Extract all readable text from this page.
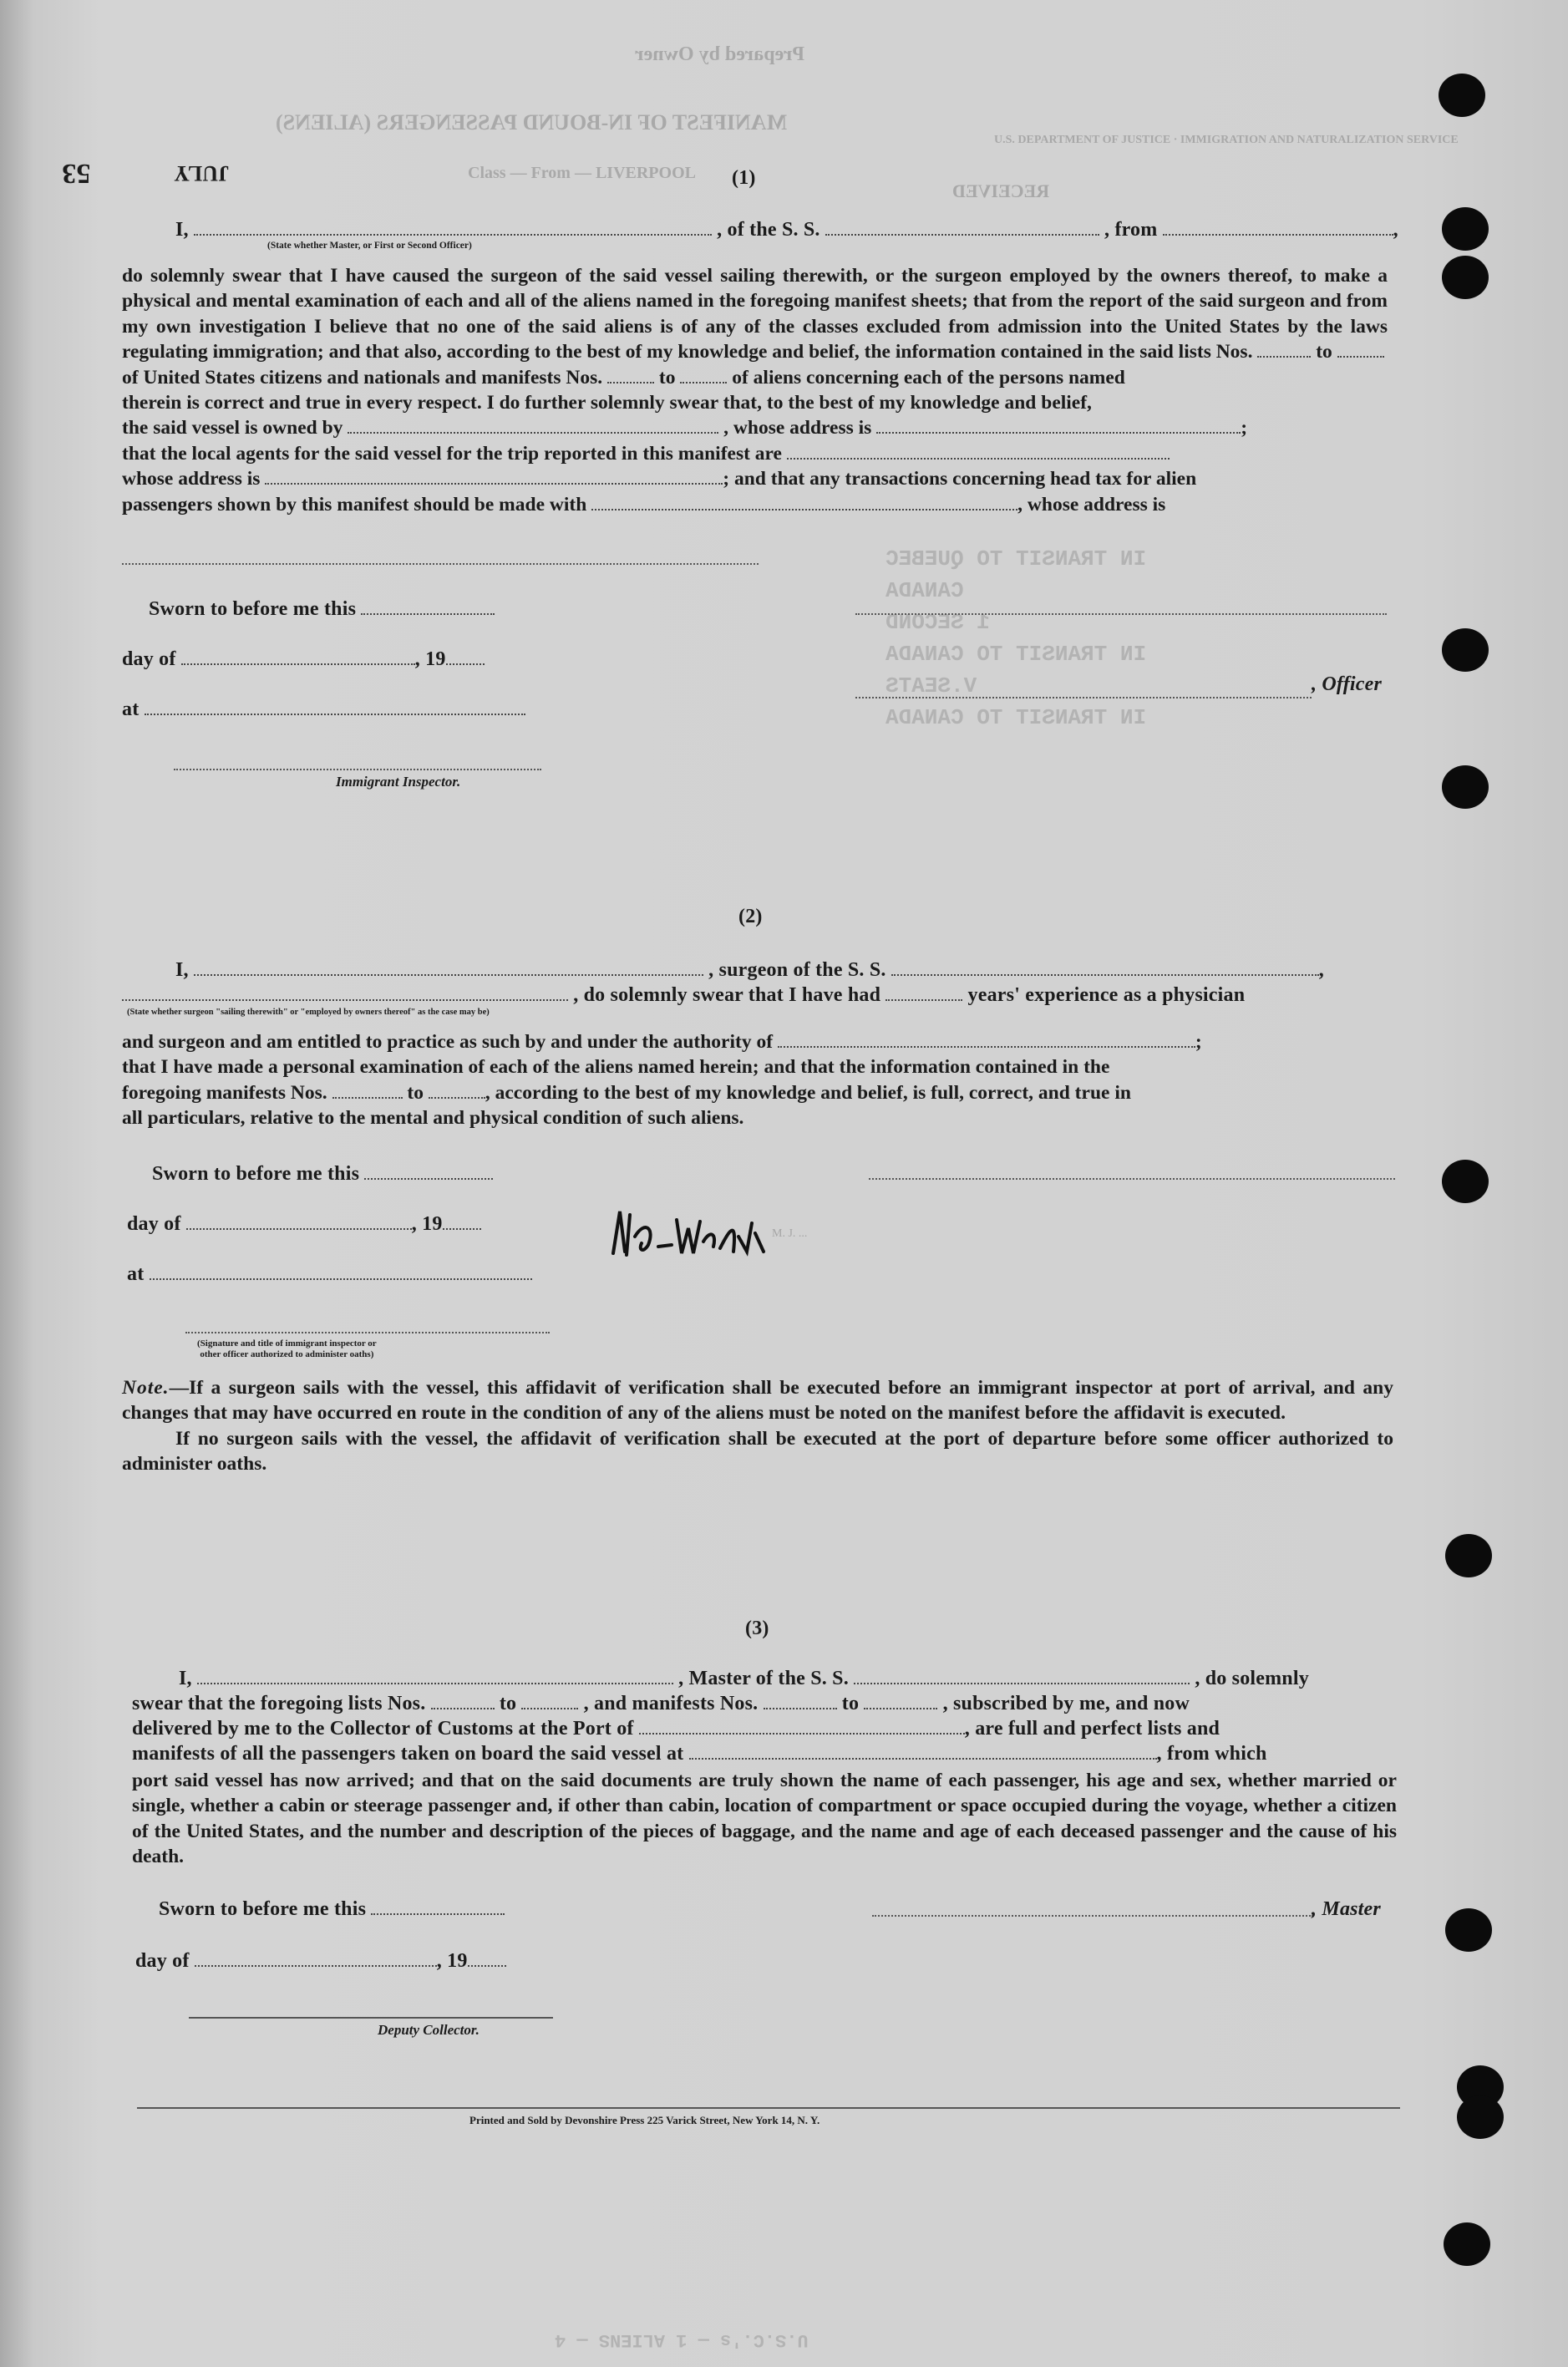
Prepared by Owner
MANIFEST OF IN-BOUND PASSENGERS (ALIENS)
U.S. DEPARTMENT OF JUSTICE · IMMIGRATION AND NATURALIZATION SERVICE
53	JULY	Class — From — LIVERPOOL
RECEIVED
(1)
I,	, of the S. S.	, from	,
(State whether Master, or First or Second Officer)

do solemnly swear that I have caused the surgeon of the said vessel sailing therewith, or the surgeon employed by the owners thereof, to make a physical and mental examination of each and all of the aliens named in the foregoing manifest sheets; that from the report of the said surgeon and from my own investigation I believe that no one of the said aliens is of any of the classes excluded from admission into the United States by the laws regulating immigration; and that also, according to the best of my knowledge and belief, the information contained in the said lists Nos.	to

of United States citizens and nationals and manifests Nos.	to	of aliens concerning each of the persons named

therein is correct and true in every respect. I do further solemnly swear that, to the best of my knowledge and belief,

the said vessel is owned by	, whose address is	;

that the local agents for the said vessel for the trip reported in this manifest are

whose address is	; and that any transactions concerning head tax for alien

passengers shown by this manifest should be made with	, whose address is

IN TRANSIT TO QUEBEC
CANADA
1 SECOND
IN TRANSIT TO CANADA
V.SEATS
IN TRANSIT TO CANADA
Sworn to before me this
day of	, 19
at
, Officer
Immigrant Inspector.
(2)
I,	, surgeon of the S. S.	,
, do solemnly swear that I have had	years' experience as a physician
(State whether surgeon "sailing therewith" or "employed by owners thereof" as the case may be)

and surgeon and am entitled to practice as such by and under the authority of	;

that I have made a personal examination of each of the aliens named herein; and that the information contained in the

foregoing manifests Nos.	to	, according to the best of my knowledge and belief, is full, correct, and true in

all particulars, relative to the mental and physical condition of such aliens.

Sworn to before me this
day of	, 19	M. J. ...
at
(Signature and title of immigrant inspector or
other officer authorized to administer oaths)

Note.—If a surgeon sails with the vessel, this affidavit of verification shall be executed before an immigrant inspector at port of arrival, and any changes that may have occurred en route in the condition of any of the aliens must be noted on the manifest before the affidavit is executed.

If no surgeon sails with the vessel, the affidavit of verification shall be executed at the port of departure before some officer authorized to administer oaths.

(3)
I,	, Master of the S. S.	, do solemnly
swear that the foregoing lists Nos.	to	, and manifests Nos.	to	, subscribed by me, and now
delivered by me to the Collector of Customs at the Port of	, are full and perfect lists and
manifests of all the passengers taken on board the said vessel at	, from which

port said vessel has now arrived; and that on the said documents are truly shown the name of each passenger, his age and sex, whether married or single, whether a cabin or steerage passenger and, if other than cabin, location of compartment or space occupied during the voyage, whether a citizen of the United States, and the number and description of the pieces of baggage, and the name and age of each deceased passenger and the cause of his death.

Sworn to before me this	, Master
day of	, 19
Deputy Collector.
Printed and Sold by Devonshire Press 225 Varick Street, New York 14, N. Y.
U.S.C.'s — 1 ALIENS — 4
